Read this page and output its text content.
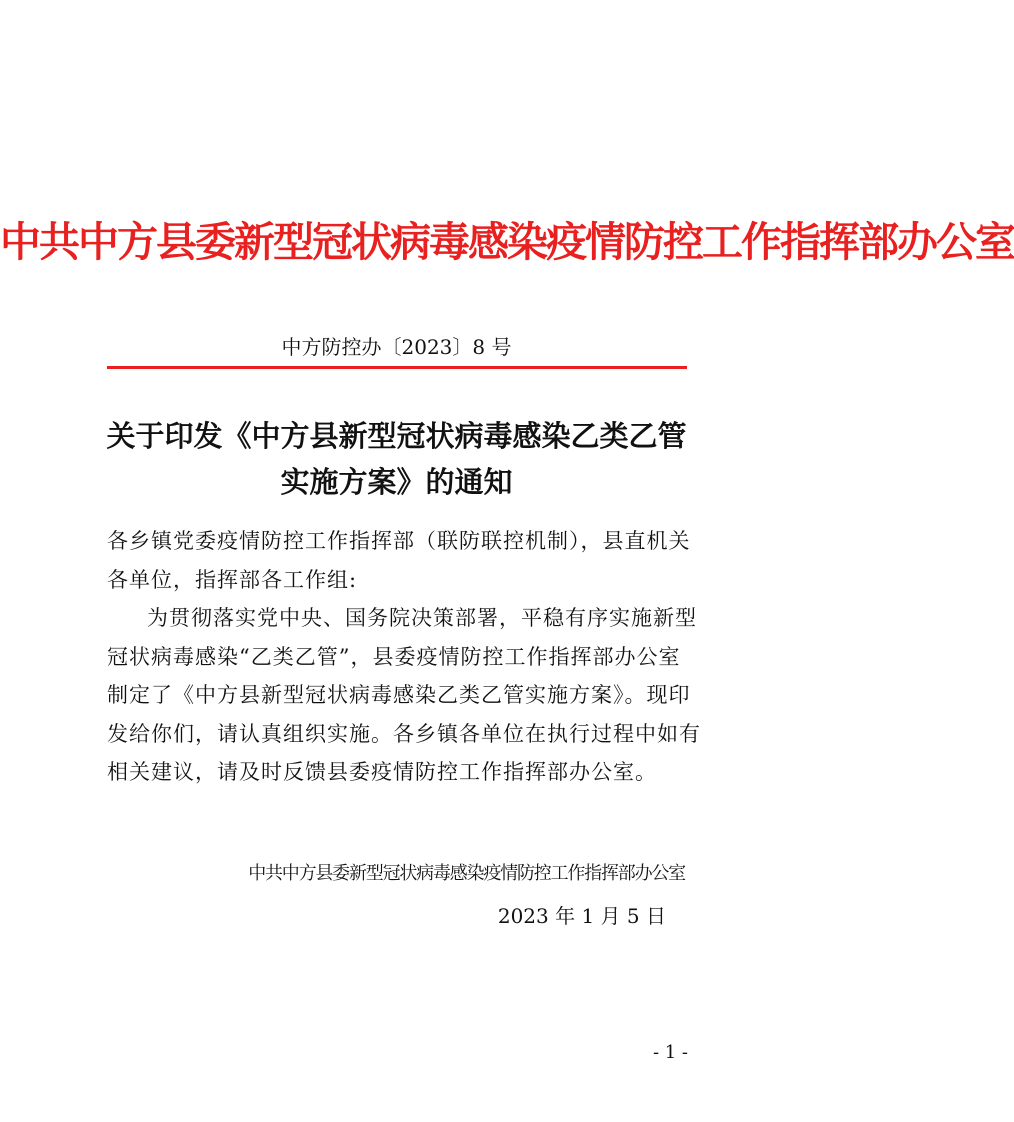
中共中方县委新型冠状病毒感染疫情防控工作指挥部办公室
中方防控办〔2023〕8 号
关于印发《中方县新型冠状病毒感染乙类乙管
实施方案》的通知
各乡镇党委疫情防控工作指挥部（联防联控机制），县直机关
各单位，指挥部各工作组:
为贯彻落实党中央、国务院决策部署，平稳有序实施新型
冠状病毒感染“乙类乙管”，县委疫情防控工作指挥部办公室
制定了《中方县新型冠状病毒感染乙类乙管实施方案》。现印
发给你们，请认真组织实施。各乡镇各单位在执行过程中如有
相关建议，请及时反馈县委疫情防控工作指挥部办公室。
中共中方县委新型冠状病毒感染疫情防控工作指挥部办公室
2023 年 1 月 5 日
- 1 -
